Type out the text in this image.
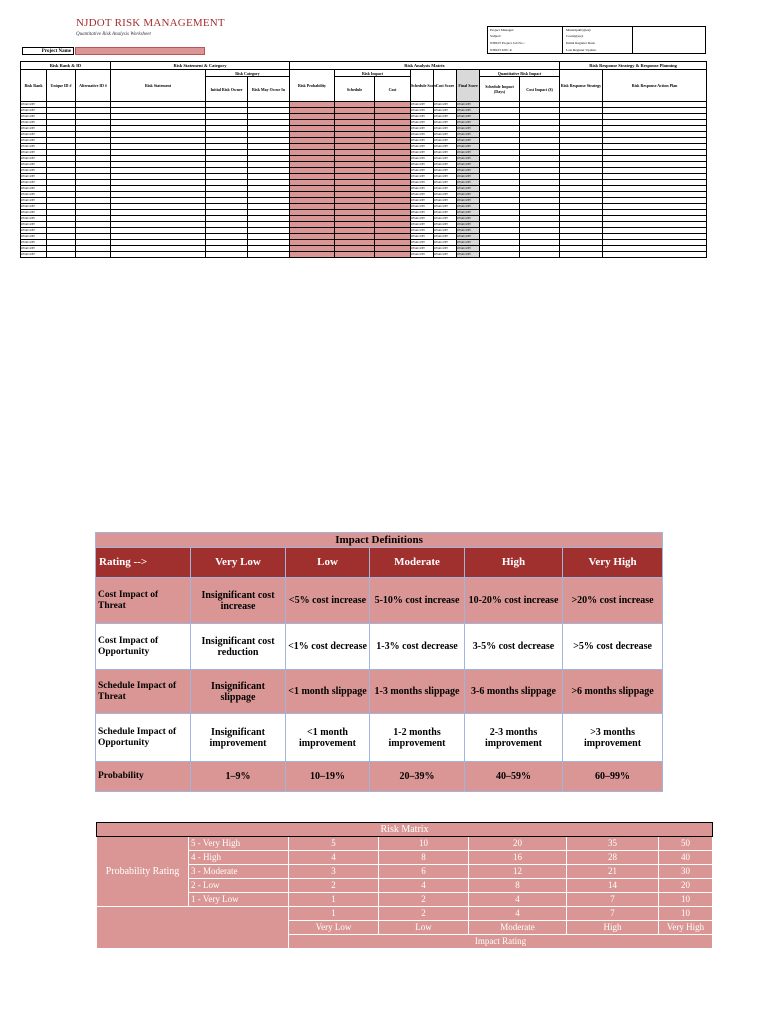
NJDOT RISK MANAGEMENT
Quantitative Risk Analysis Worksheet
Project Name
Project Manager:
Subject:
NJDOT Project Job No.:
NJDOT UPC #:
Municipality(ies):
County(ies):
Initial Register Date:
Last Register Update:
Risk Rank & ID			Risk Statement & Category			Risk Analysis Matrix								Risk Response Strategy & Response Planning	
Risk Rank	Unique ID #	Alternative ID #	Risk Statement	Risk Category		Risk Probability	Risk Impact		Schedule Score	Cost Score	Final Score	Quantitative Risk Impact		Risk Response Strategy	Risk Response Action Plan
				Initial Risk Owner	Risk May Occur In		Schedule	Cost				Schedule Impact (Days)	Cost Impact ($)		
#VALUE!									#VALUE!	#VALUE!	#VALUE!				
#VALUE!									#VALUE!	#VALUE!	#VALUE!				
#VALUE!									#VALUE!	#VALUE!	#VALUE!				
#VALUE!									#VALUE!	#VALUE!	#VALUE!				
#VALUE!									#VALUE!	#VALUE!	#VALUE!				
#VALUE!									#VALUE!	#VALUE!	#VALUE!				
#VALUE!									#VALUE!	#VALUE!	#VALUE!				
#VALUE!									#VALUE!	#VALUE!	#VALUE!				
#VALUE!									#VALUE!	#VALUE!	#VALUE!				
#VALUE!									#VALUE!	#VALUE!	#VALUE!				
#VALUE!									#VALUE!	#VALUE!	#VALUE!				
#VALUE!									#VALUE!	#VALUE!	#VALUE!				
#VALUE!									#VALUE!	#VALUE!	#VALUE!				
#VALUE!									#VALUE!	#VALUE!	#VALUE!				
#VALUE!									#VALUE!	#VALUE!	#VALUE!				
#VALUE!									#VALUE!	#VALUE!	#VALUE!				
#VALUE!									#VALUE!	#VALUE!	#VALUE!				
#VALUE!									#VALUE!	#VALUE!	#VALUE!				
#VALUE!									#VALUE!	#VALUE!	#VALUE!				
#VALUE!									#VALUE!	#VALUE!	#VALUE!				
#VALUE!									#VALUE!	#VALUE!	#VALUE!				
#VALUE!									#VALUE!	#VALUE!	#VALUE!				
#VALUE!									#VALUE!	#VALUE!	#VALUE!				
#VALUE!									#VALUE!	#VALUE!	#VALUE!				
#VALUE!									#VALUE!	#VALUE!	#VALUE!				
#VALUE!									#VALUE!	#VALUE!	#VALUE!				
Impact Definitions					
Rating -->	Very Low	Low	Moderate	High	Very High
Cost Impact of Threat	Insignificant cost increase	<5% cost increase	5-10% cost increase	10-20% cost increase	>20% cost increase
Cost Impact of Opportunity	Insignificant cost reduction	<1% cost decrease	1-3% cost decrease	3-5% cost decrease	>5% cost decrease
Schedule Impact of Threat	Insignificant slippage	<1 month slippage	1-3 months slippage	3-6 months slippage	>6 months slippage
Schedule Impact of Opportunity	Insignificant improvement	<1 month improvement	1-2 months improvement	2-3 months improvement	>3 months improvement
Probability	1–9%	10–19%	20–39%	40–59%	60–99%
Risk Matrix						
Probability Rating	5 - Very High	5	10	20	35	50
	4 - High	4	8	16	28	40
	3 - Moderate	3	6	12	21	30
	2 - Low	2	4	8	14	20
	1 - Very Low	1	2	4	7	10
		1	2	4	7	10
		Very Low	Low	Moderate	High	Very High
		Impact Rating				
